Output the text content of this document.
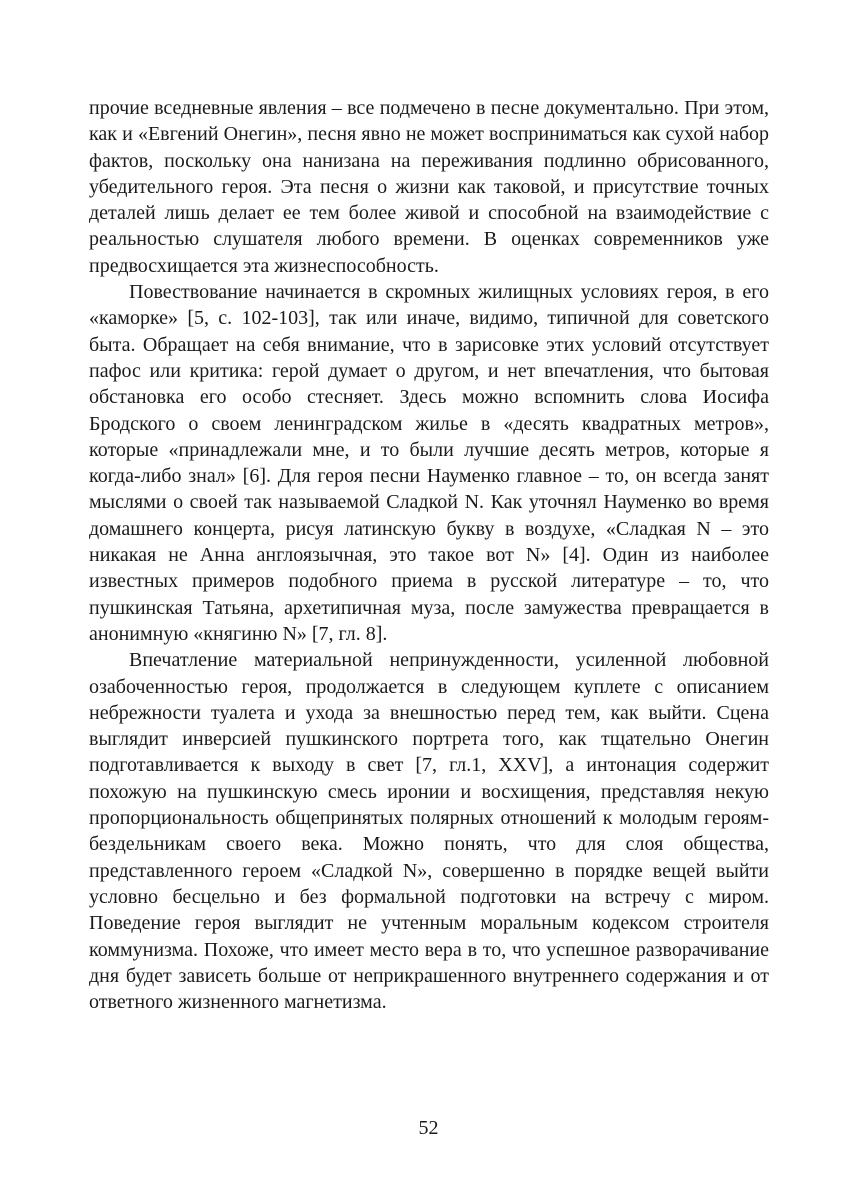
прочие вседневные явления – все подмечено в песне документально. При этом, как и «Евгений Онегин», песня явно не может восприниматься как сухой набор фактов, поскольку она нанизана на переживания подлинно обрисованного, убедительного героя. Эта песня о жизни как таковой, и присутствие точных деталей лишь делает ее тем более живой и способной на взаимодействие с реальностью слушателя любого времени. В оценках современников уже предвосхищается эта жизнеспособность.

Повествование начинается в скромных жилищных условиях героя, в его «каморке» [5, с. 102-103], так или иначе, видимо, типичной для советского быта. Обращает на себя внимание, что в зарисовке этих условий отсутствует пафос или критика: герой думает о другом, и нет впечатления, что бытовая обстановка его особо стесняет. Здесь можно вспомнить слова Иосифа Бродского о своем ленинградском жилье в «десять квадратных метров», которые «принадлежали мне, и то были лучшие десять метров, которые я когда-либо знал» [6]. Для героя песни Науменко главное – то, он всегда занят мыслями о своей так называемой Сладкой N. Как уточнял Науменко во время домашнего концерта, рисуя латинскую букву в воздухе, «Сладкая N – это никакая не Анна англоязычная, это такое вот N» [4]. Один из наиболее известных примеров подобного приема в русской литературе – то, что пушкинская Татьяна, архетипичная муза, после замужества превращается в анонимную «княгиню N» [7, гл. 8].

Впечатление материальной непринужденности, усиленной любовной озабоченностью героя, продолжается в следующем куплете с описанием небрежности туалета и ухода за внешностью перед тем, как выйти. Сцена выглядит инверсией пушкинского портрета того, как тщательно Онегин подготавливается к выходу в свет [7, гл.1, XXV], а интонация содержит похожую на пушкинскую смесь иронии и восхищения, представляя некую пропорциональность общепринятых полярных отношений к молодым героям-бездельникам своего века. Можно понять, что для слоя общества, представленного героем «Сладкой N», совершенно в порядке вещей выйти условно бесцельно и без формальной подготовки на встречу с миром. Поведение героя выглядит не учтенным моральным кодексом строителя коммунизма. Похоже, что имеет место вера в то, что успешное разворачивание дня будет зависеть больше от неприкрашенного внутреннего содержания и от ответного жизненного магнетизма.

52
